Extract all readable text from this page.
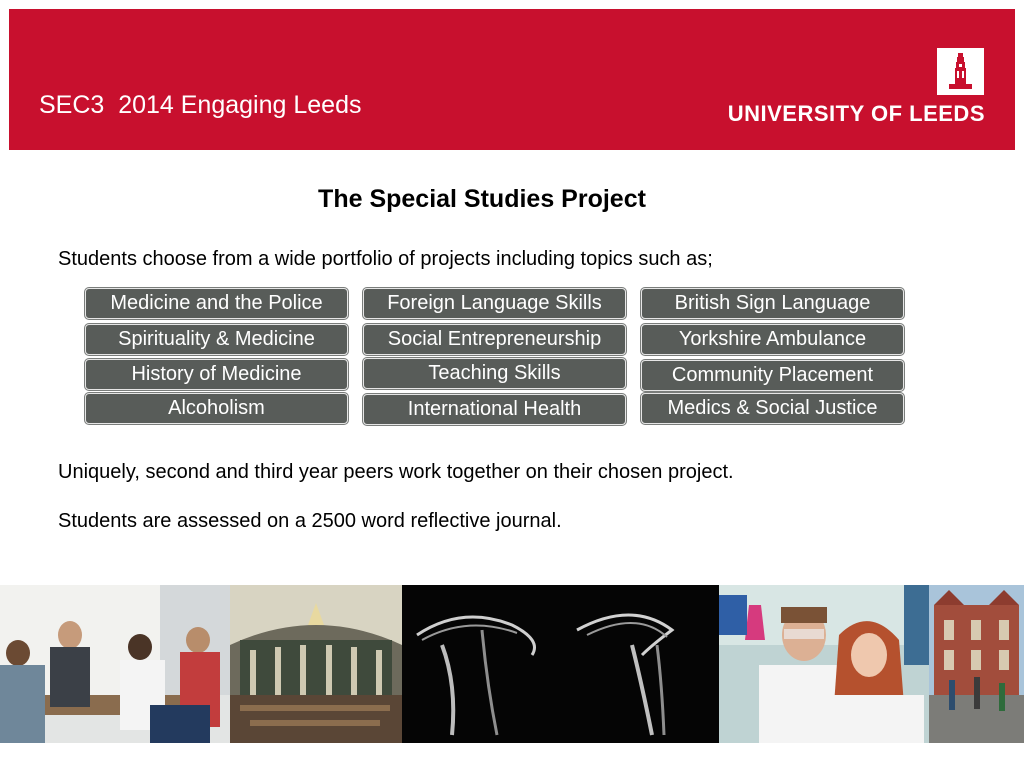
SEC3  2014 Engaging Leeds	UNIVERSITY OF LEEDS
The Special Studies Project
Students choose from a wide portfolio of projects including topics such as;
Medicine and the Police	Foreign Language Skills	British Sign Language
Spirituality & Medicine	Social Entrepreneurship	Yorkshire Ambulance
History of Medicine	Teaching Skills	Community Placement
Alcoholism	International Health	Medics & Social Justice
Uniquely, second and third year peers work together on their chosen project.
Students are assessed on a 2500 word reflective journal.
